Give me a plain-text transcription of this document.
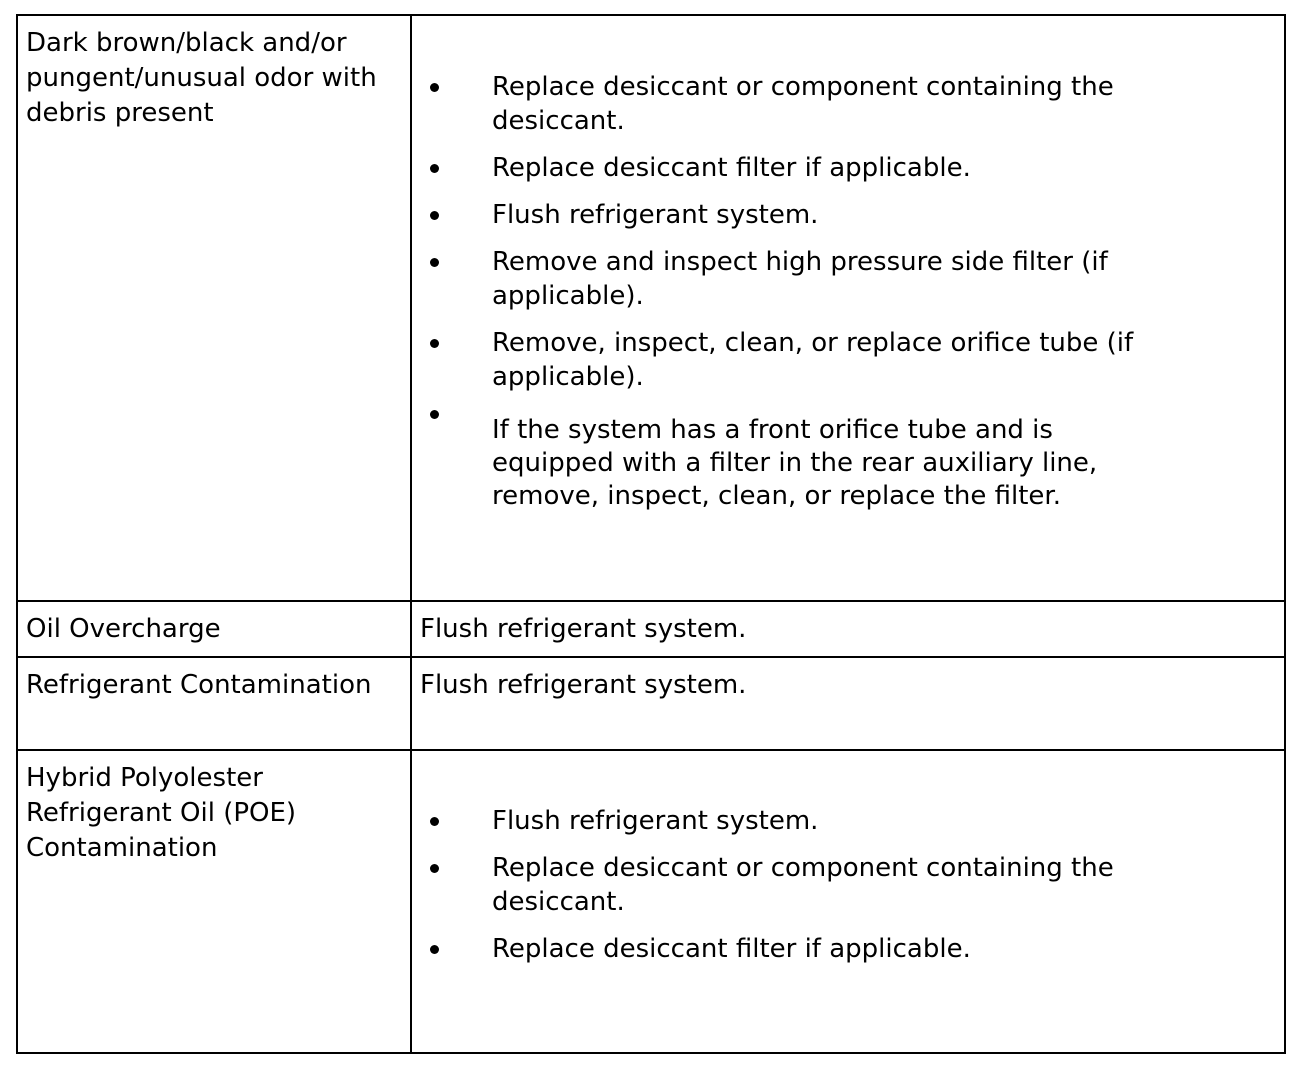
Dark brown/black and/or pungent/unusual odor with debris present

Replace desiccant or component containing the desiccant.
Replace desiccant filter if applicable.
Flush refrigerant system.
Remove and inspect high pressure side filter (if applicable).
Remove, inspect, clean, or replace orifice tube (if applicable).
If the system has a front orifice tube and is equipped with a filter in the rear auxiliary line, remove, inspect, clean, or replace the filter.

Oil Overcharge	Flush refrigerant system.

Refrigerant Contamination	Flush refrigerant system.

Hybrid Polyolester Refrigerant Oil (POE) Contamination

Flush refrigerant system.
Replace desiccant or component containing the desiccant.
Replace desiccant filter if applicable.
